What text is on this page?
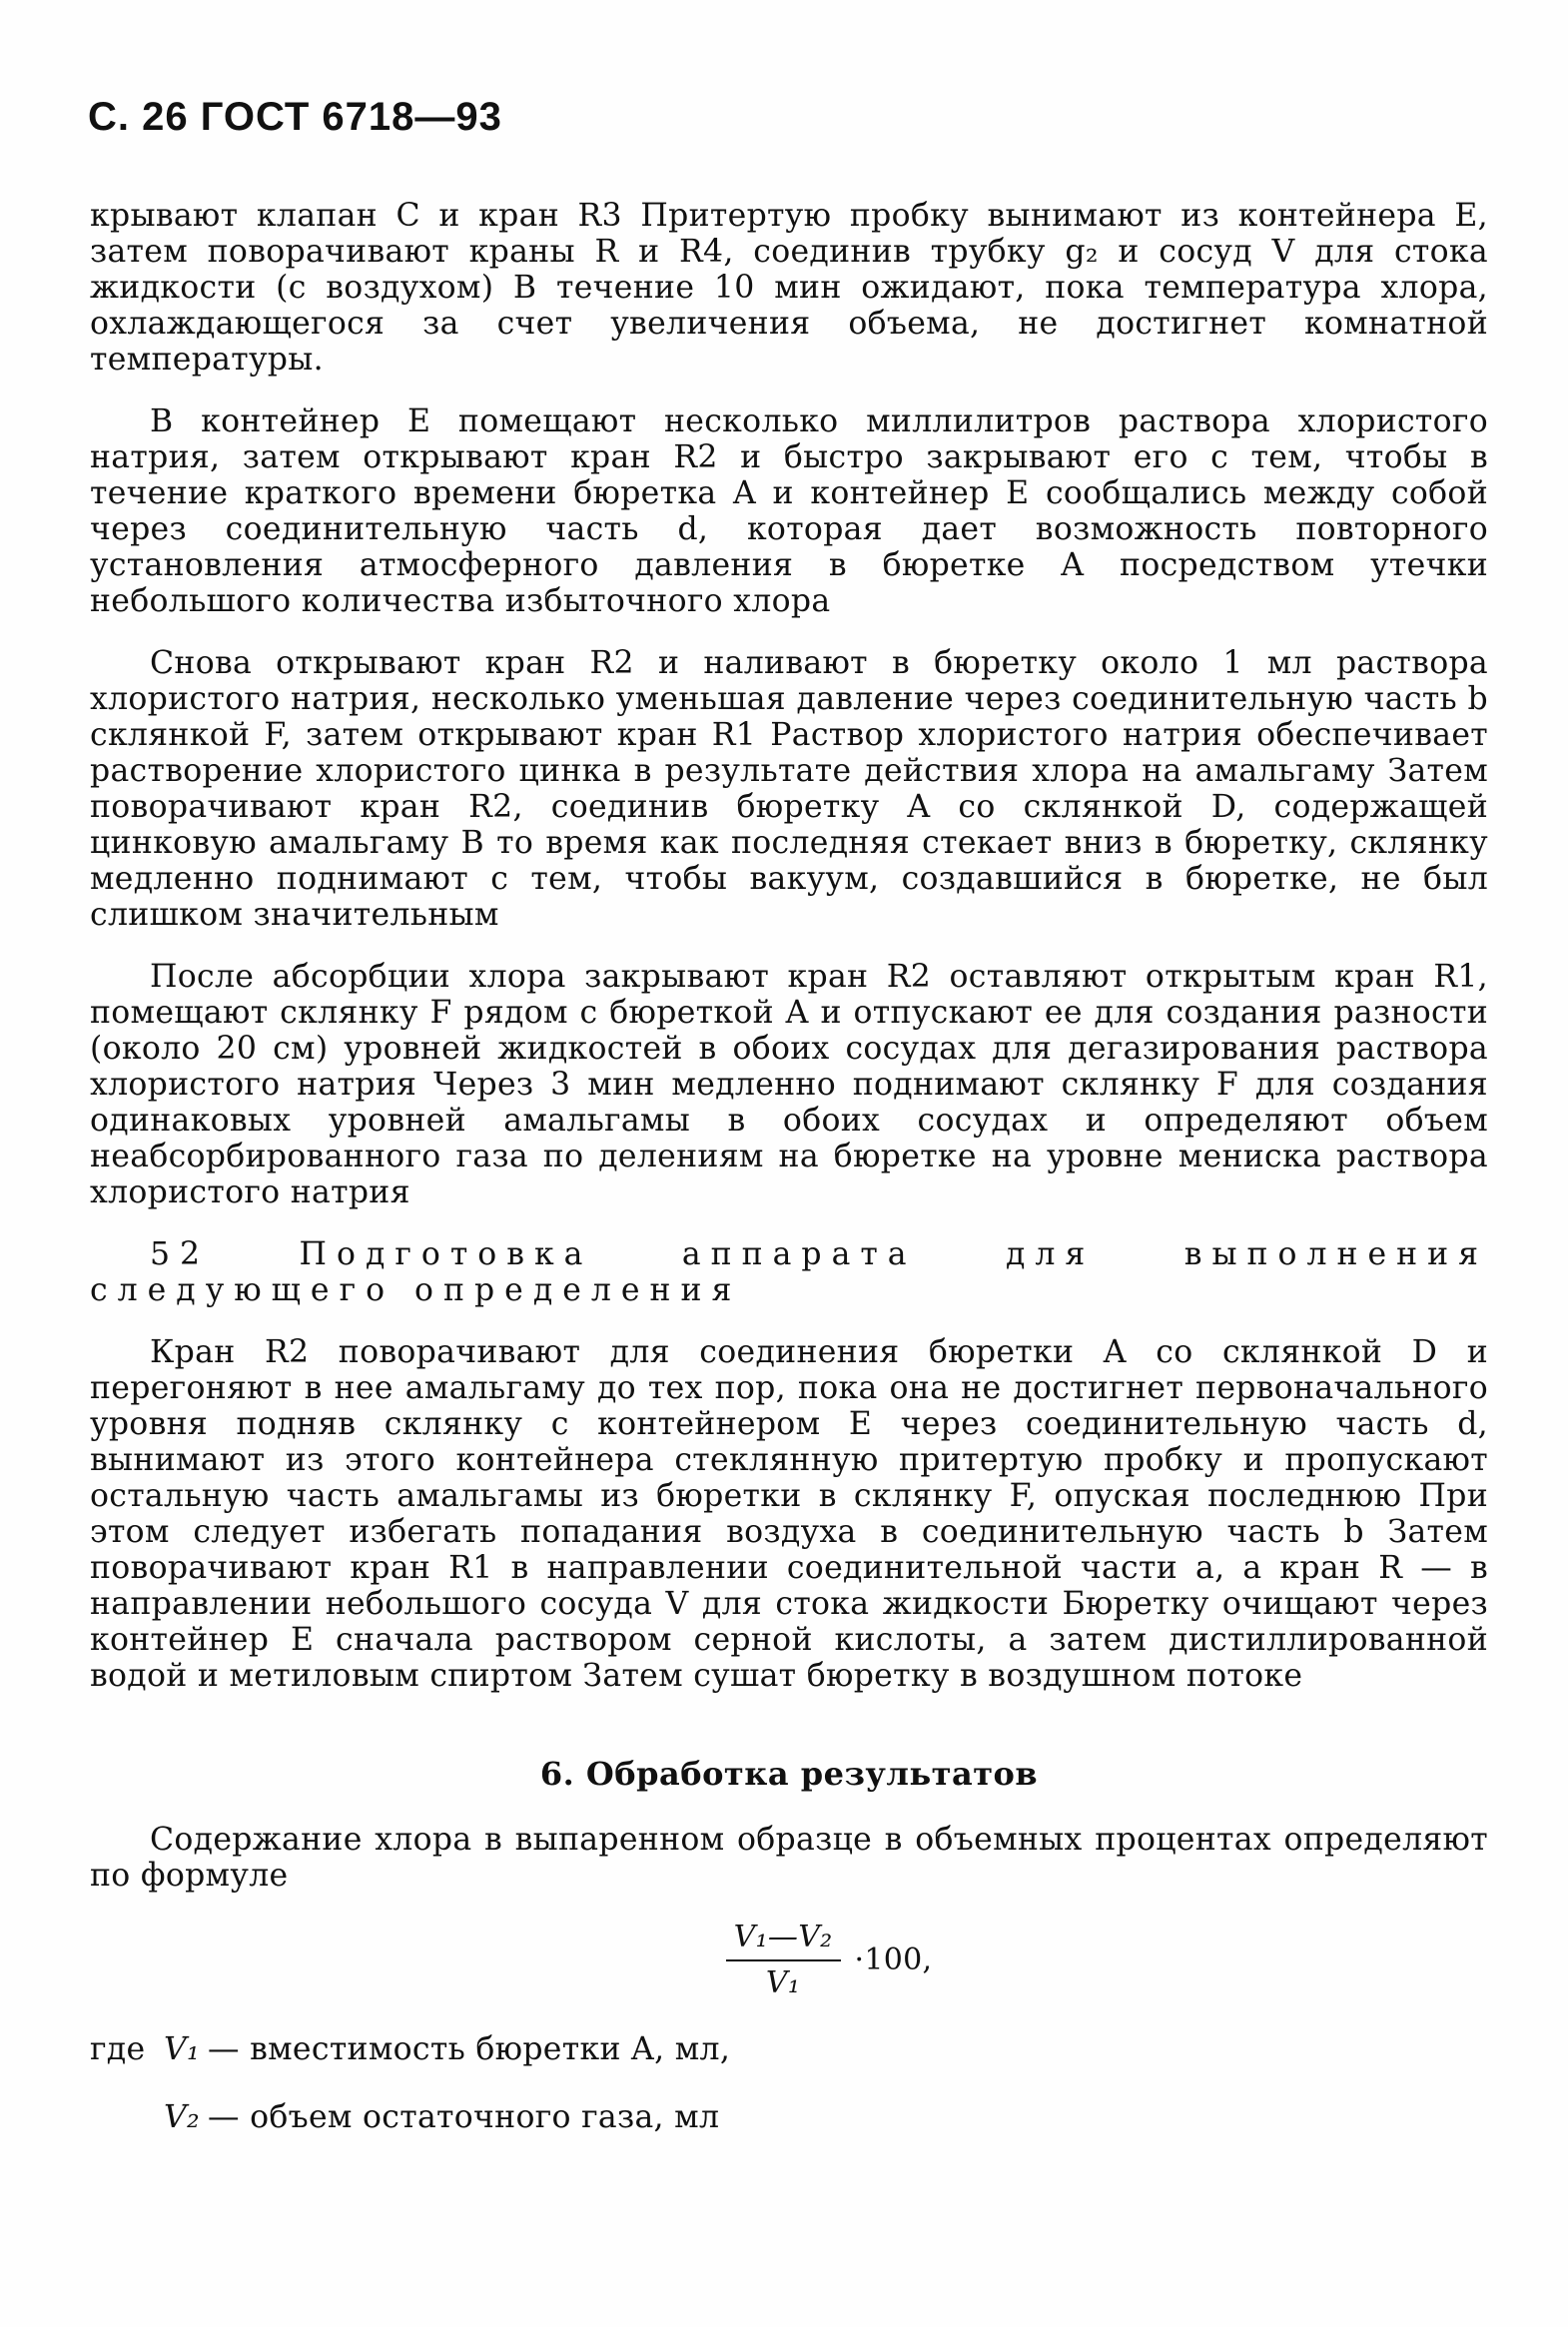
С. 26 ГОСТ 6718—93

крывают клапан C и кран R3 Притертую пробку вынимают из контейнера E, затем поворачивают краны R и R4, соединив трубку g₂ и сосуд V для стока жидкости (с воздухом) В течение 10 мин ожидают, пока температура хлора, охлаждающегося за счет увеличения объема, не достигнет комнатной температуры.

В контейнер E помещают несколько миллилитров раствора хлористого натрия, затем открывают кран R2 и быстро закрывают его с тем, чтобы в течение краткого времени бюретка A и контейнер E сообщались между собой через соединительную часть d, которая дает возможность повторного установления атмосферного давления в бюретке A посредством утечки небольшого количества избыточного хлора

Снова открывают кран R2 и наливают в бюретку около 1 мл раствора хлористого натрия, несколько уменьшая давление через соединительную часть b склянкой F, затем открывают кран R1 Раствор хлористого натрия обеспечивает растворение хлористого цинка в результате действия хлора на амальгаму Затем поворачивают кран R2, соединив бюретку A со склянкой D, содержащей цинковую амальгаму В то время как последняя стекает вниз в бюретку, склянку медленно поднимают с тем, чтобы вакуум, создавшийся в бюретке, не был слишком значительным

После абсорбции хлора закрывают кран R2 оставляют открытым кран R1, помещают склянку F рядом с бюреткой A и отпускают ее для создания разности (около 20 см) уровней жидкостей в обоих сосудах для дегазирования раствора хлористого натрия Через 3 мин медленно поднимают склянку F для создания одинаковых уровней амальгамы в обоих сосудах и определяют объем неабсорбированного газа по делениям на бюретке на уровне мениска раствора хлористого натрия

52 Подготовка аппарата для выполнения следующего определения

Кран R2 поворачивают для соединения бюретки A со склянкой D и перегоняют в нее амальгаму до тех пор, пока она не достигнет первоначального уровня подняв склянку с контейнером E через соединительную часть d, вынимают из этого контейнера стеклянную притертую пробку и пропускают остальную часть амальгамы из бюретки в склянку F, опуская последнюю При этом следует избегать попадания воздуха в соединительную часть b Затем поворачивают кран R1 в направлении соединительной части a, а кран R — в направлении небольшого сосуда V для стока жидкости Бюретку очищают через контейнер E сначала раствором серной кислоты, а затем дистиллированной водой и метиловым спиртом Затем сушат бюретку в воздушном потоке

6. Обработка результатов

Содержание хлора в выпаренном образце в объемных процентах определяют по формуле

$\frac{\text{V₁—V₂}}{\text{V₁}} \cdot 100$,
где V₁ — вместимость бюретки A, мл,
V₂ — объем остаточного газа, мл
